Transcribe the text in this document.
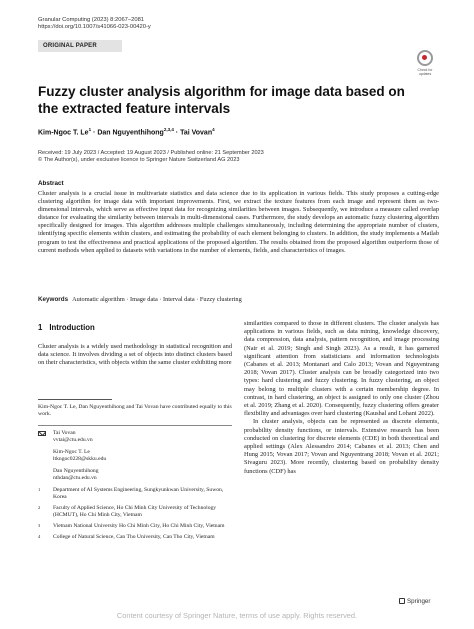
Granular Computing (2023) 8:2067–2081
https://doi.org/10.1007/s41066-023-00420-y
ORIGINAL PAPER
Check for updates
Fuzzy cluster analysis algorithm for image data based on the extracted feature intervals
Kim-Ngoc T. $Le^1$ · Dan Nguyenthihong$^{2,3,4}$ · Tai Vovan$^4$
Received: 19 July 2023 / Accepted: 19 August 2023 / Published online: 21 September 2023
© The Author(s), under exclusive licence to Springer Nature Switzerland AG 2023
Abstract

Cluster analysis is a crucial issue in multivariate statistics and data science due to its application in various fields. This study proposes a cutting-edge clustering algorithm for image data with important improvements. First, we extract the texture features from each image and represent them as two-dimensional intervals, which serve as effective input data for recognizing similarities between images. Subsequently, we introduce a measure called overlap distance for evaluating the similarity between intervals in multi-dimensional cases. Furthermore, the study develops an automatic fuzzy clustering algorithm specifically designed for images. This algorithm addresses multiple challenges simultaneously, including determining the appropriate number of clusters, identifying specific elements within clusters, and estimating the probability of each element belonging to clusters. In addition, the study implements a Matlab program to test the effectiveness and practical applications of the proposed algorithm. The results obtained from the proposed algorithm outperform those of current methods when applied to datasets with variations in the number of elements, fields, and characteristics of images.

Keywords Automatic algorithm · Image data · Interval data · Fuzzy clustering
1 Introduction

Cluster analysis is a widely used methodology in statistical recognition and data science. It involves dividing a set of objects into distinct clusters based on their characteristics, with objects within the same cluster exhibiting more

similarities compared to those in different clusters. The cluster analysis has applications in various fields, such as data mining, knowledge discovery, data compression, data analysis, pattern recognition, and image processing (Nair et al. 2019; Singh and Singh 2023). As a result, it has garnered significant attention from statisticians and information technologists (Cabanes et al. 2013; Montanari and Calo 2013; Vovan and Nguyentrang 2018; Vovan 2017). Cluster analysis can be broadly categorized into two types: hard clustering and fuzzy clustering. In fuzzy clustering, an object may belong to multiple clusters with a certain membership degree. In contrast, in hard clustering, an object is assigned to only one cluster (Zhou et al. 2019; Zhang et al. 2020). Consequently, fuzzy clustering offers greater flexibility and advantages over hard clustering (Kaushal and Lohani 2022).

In cluster analysis, objects can be represented as discrete elements, probability density functions, or intervals. Extensive research has been conducted on clustering for discrete elements (CDE) in both theoretical and applied settings (Alex Alessandro 2014; Cabanes et al. 2013; Chen and Hung 2015; Vovan 2017; Vovan and Nguyentrang 2018; Vovan et al. 2021; Sivaguru 2023). More recently, clustering based on probability density functions (CDF) has

Kim-Ngoc T. Le, Dan Nguyenthihong and Tai Vovan have contributed equally to this work.

Tai Vovan
vvtai@ctu.edu.vn
Kim-Ngoc T. Le
ltkngoc0228@skku.edu
Dan Nguyenthihong
nthdan@ctu.edu.vn
1 Department of AI Systems Engineering, Sungkyunkwan University, Suwon, Korea
2 Faculty of Applied Science, Ho Chi Minh City University of Technology (HCMUT), Ho Chi Minh City, Vietnam
3 Vietnam National University Ho Chi Minh City, Ho Chi Minh City, Vietnam
4 College of Natural Science, Can Tho University, Can Tho City, Vietnam
Springer
Content courtesy of Springer Nature, terms of use apply. Rights reserved.
